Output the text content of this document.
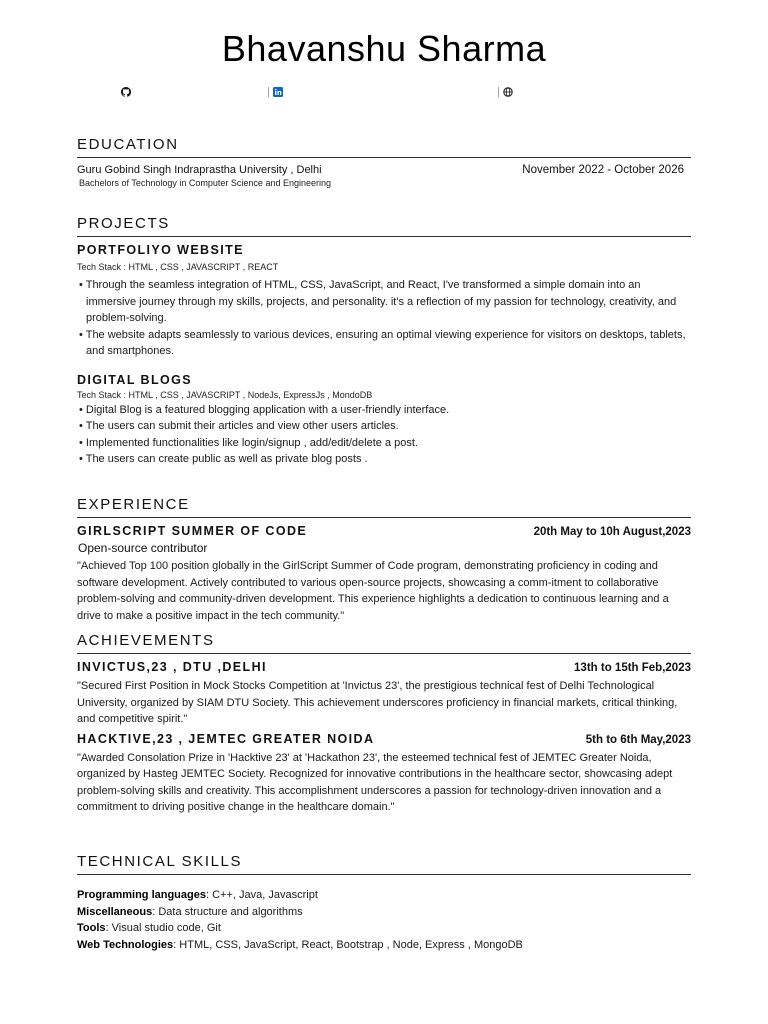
Bhavanshu Sharma
|	|
EDUCATION
Guru Gobind Singh Indraprastha University , Delhi	November 2022 - October 2026
Bachelors of Technology in Computer Science and Engineering
PROJECTS
PORTFOLIYO WEBSITE
Tech Stack : HTML , CSS , JAVASCRIPT , REACT
• Through the seamless integration of HTML, CSS, JavaScript, and React, I've transformed a simple domain into an immersive journey through my skills, projects, and personality. it's a reflection of my passion for technology, creativity, and problem-solving.
• The website adapts seamlessly to various devices, ensuring an optimal viewing experience for visitors on desktops, tablets, and smartphones.
DIGITAL BLOGS
Tech Stack : HTML , CSS , JAVASCRIPT , NodeJs, ExpressJs , MondoDB
• Digital Blog is a featured blogging application with a user-friendly interface.
• The users can submit their articles and view other users articles.
• Implemented functionalities like login/signup , add/edit/delete a post.
• The users can create public as well as private blog posts .
EXPERIENCE
GIRLSCRIPT SUMMER OF CODE	20th May to 10h August,2023
Open-source contributor
"Achieved Top 100 position globally in the GirlScript Summer of Code program, demonstrating proficiency in coding and software development. Actively contributed to various open-source projects, showcasing a comm-itment to collaborative problem-solving and community-driven development. This experience highlights a dedication to continuous learning and a drive to make a positive impact in the tech community."
ACHIEVEMENTS
INVICTUS,23 , DTU ,DELHI	13th to 15th Feb,2023
"Secured First Position in Mock Stocks Competition at 'Invictus 23', the prestigious technical fest of Delhi Technological University, organized by SIAM DTU Society. This achievement underscores proficiency in financial markets, critical thinking, and competitive spirit."
HACKTIVE,23 , JEMTEC GREATER NOIDA	5th to 6th May,2023
"Awarded Consolation Prize in 'Hacktive 23' at 'Hackathon 23', the esteemed technical fest of JEMTEC Greater Noida, organized by Hasteg JEMTEC Society. Recognized for innovative contributions in the healthcare sector, showcasing adept problem-solving skills and creativity. This accomplishment underscores a passion for technology-driven innovation and a commitment to driving positive change in the healthcare domain."
TECHNICAL SKILLS

Programming languages: C++, Java, Javascript

Miscellaneous: Data structure and algorithms

Tools: Visual studio code, Git

Web Technologies: HTML, CSS, JavaScript, React, Bootstrap , Node, Express , MongoDB
